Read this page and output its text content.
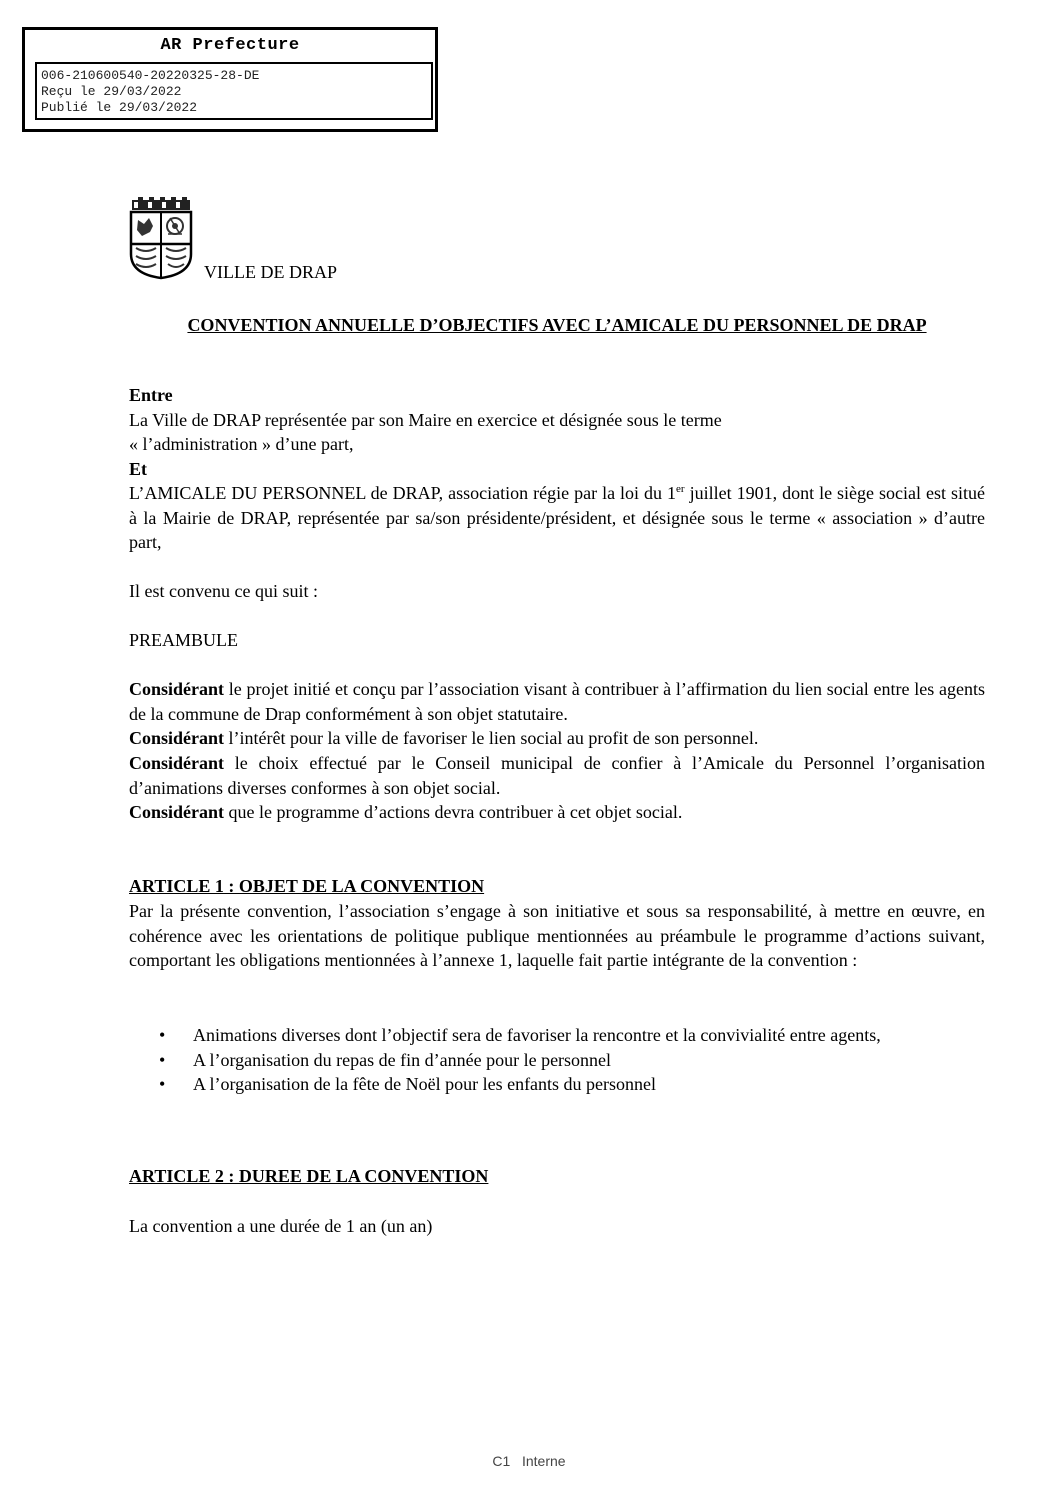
AR Prefecture
006-210600540-20220325-28-DE
Reçu le 29/03/2022
Publié le 29/03/2022
VILLE DE DRAP
CONVENTION ANNUELLE D’OBJECTIFS AVEC L’AMICALE DU PERSONNEL DE DRAP

Entre

La Ville de DRAP représentée par son Maire en exercice et désignée sous le terme

« l’administration » d’une part,

Et

L’AMICALE DU PERSONNEL de DRAP, association régie par la loi du 1er juillet 1901, dont le siège social est situé à la Mairie de DRAP, représentée par sa/son présidente/président, et désignée sous le terme « association » d’autre part,

Il est convenu ce qui suit :

PREAMBULE

Considérant le projet initié et conçu par l’association visant à contribuer à l’affirmation du lien social entre les agents de la commune de Drap conformément à son objet statutaire.

Considérant l’intérêt pour la ville de favoriser le lien social au profit de son personnel.

Considérant le choix effectué par le Conseil municipal de confier à l’Amicale du Personnel l’organisation d’animations diverses conformes à son objet social.

Considérant que le programme d’actions devra contribuer à cet objet social.

ARTICLE 1 : OBJET DE LA CONVENTION

Par la présente convention, l’association s’engage à son initiative et sous sa responsabilité, à mettre en œuvre, en cohérence avec les orientations de politique publique mentionnées au préambule le programme d’actions suivant, comportant les obligations mentionnées à l’annexe 1, laquelle fait partie intégrante de la convention :

• Animations diverses dont l’objectif sera de favoriser la rencontre et la convivialité entre agents,
• A l’organisation du repas de fin d’année pour le personnel
• A l’organisation de la fête de Noël pour les enfants du personnel

ARTICLE 2 : DUREE DE LA CONVENTION

La convention a une durée de 1 an (un an)

C1 Interne
